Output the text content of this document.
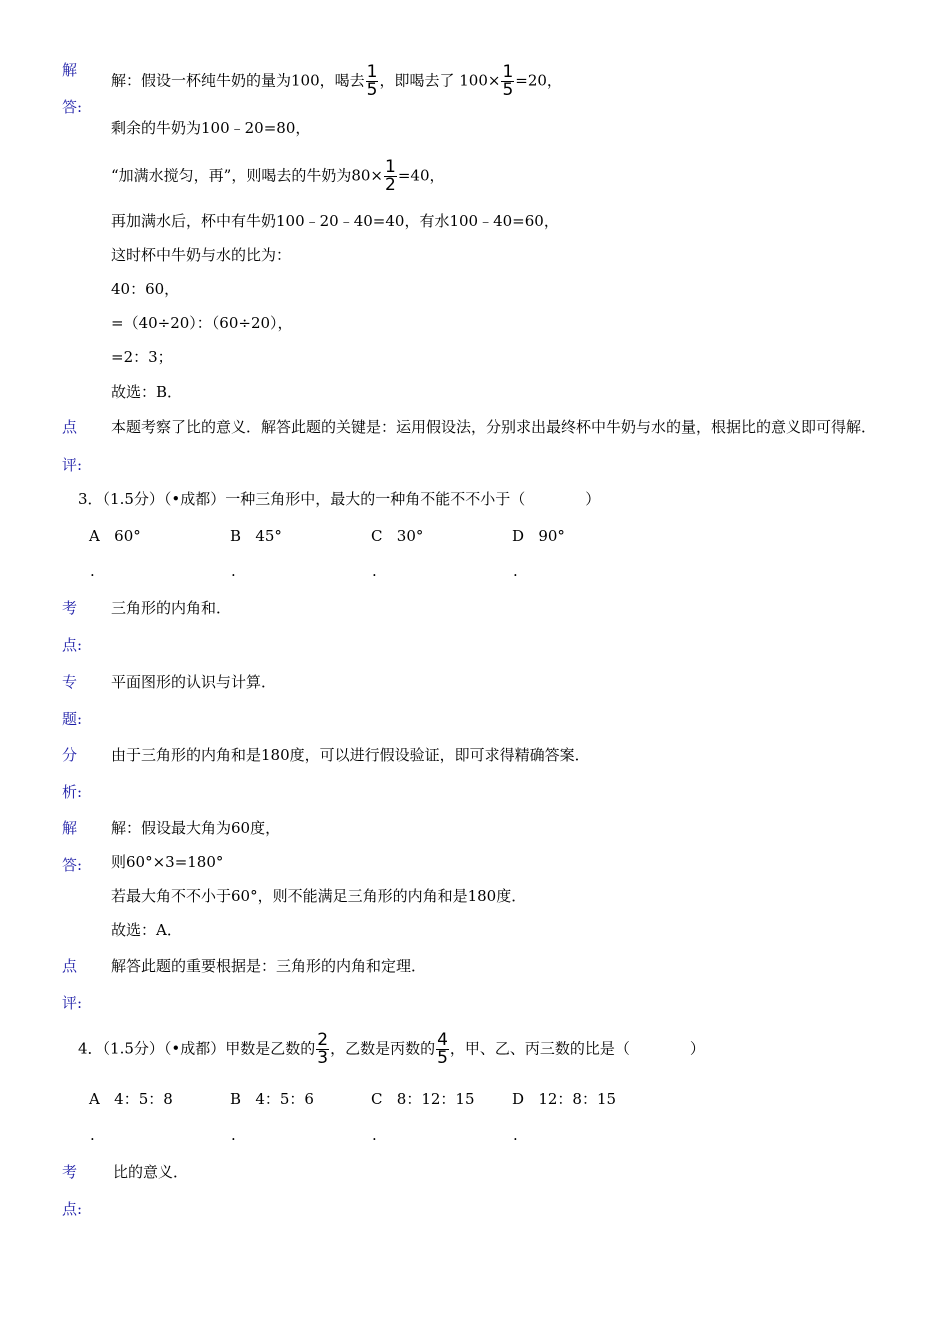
解
答:
解：假设一杯纯牛奶的量为100，喝去 $\frac{1}{5}$ ，即喝去了 $100\times \frac{1}{5} =20$，
剩余的牛奶为100﹣20=80，
“加满水搅匀，再”，则喝去的牛奶为$80\times \frac{1}{2} =40$，
再加满水后，杯中有牛奶100﹣20﹣40=40，有水100﹣40=60，
这时杯中牛奶与水的比为：
40：60，
=（40÷20）：（60÷20），
=2：3；
故选：B．
点
评:
本题考察了比的意义．解答此题的关键是：运用假设法，分别求出最终杯中牛奶与水的量，根据比的意义即可得解．
3．（1.5分）（•成都）一种三角形中，最大的一种角不能不不小于（　　　　）
A 60°	B 45°	C 30°	D 90°
.	.	.	.
考
点:
三角形的内角和．
专
题:
平面图形的认识与计算．
分
析:
由于三角形的内角和是180度，可以进行假设验证，即可求得精确答案．
解
答:
解：假设最大角为60度，
则60°×3=180°
若最大角不不小于60°，则不能满足三角形的内角和是180度．
故选：A．
点
评:
解答此题的重要根据是：三角形的内角和定理．
4．（1.5分）（•成都）甲数是乙数的 $\frac{2}{3}$ ，乙数是丙数的 $\frac{4}{5}$ ，甲、乙、丙三数的比是（　　　　）
A 4：5：8	B 4：5：6	C 8：12：15 D 12：8：15
.	.	.	.
考
点:
比的意义．
